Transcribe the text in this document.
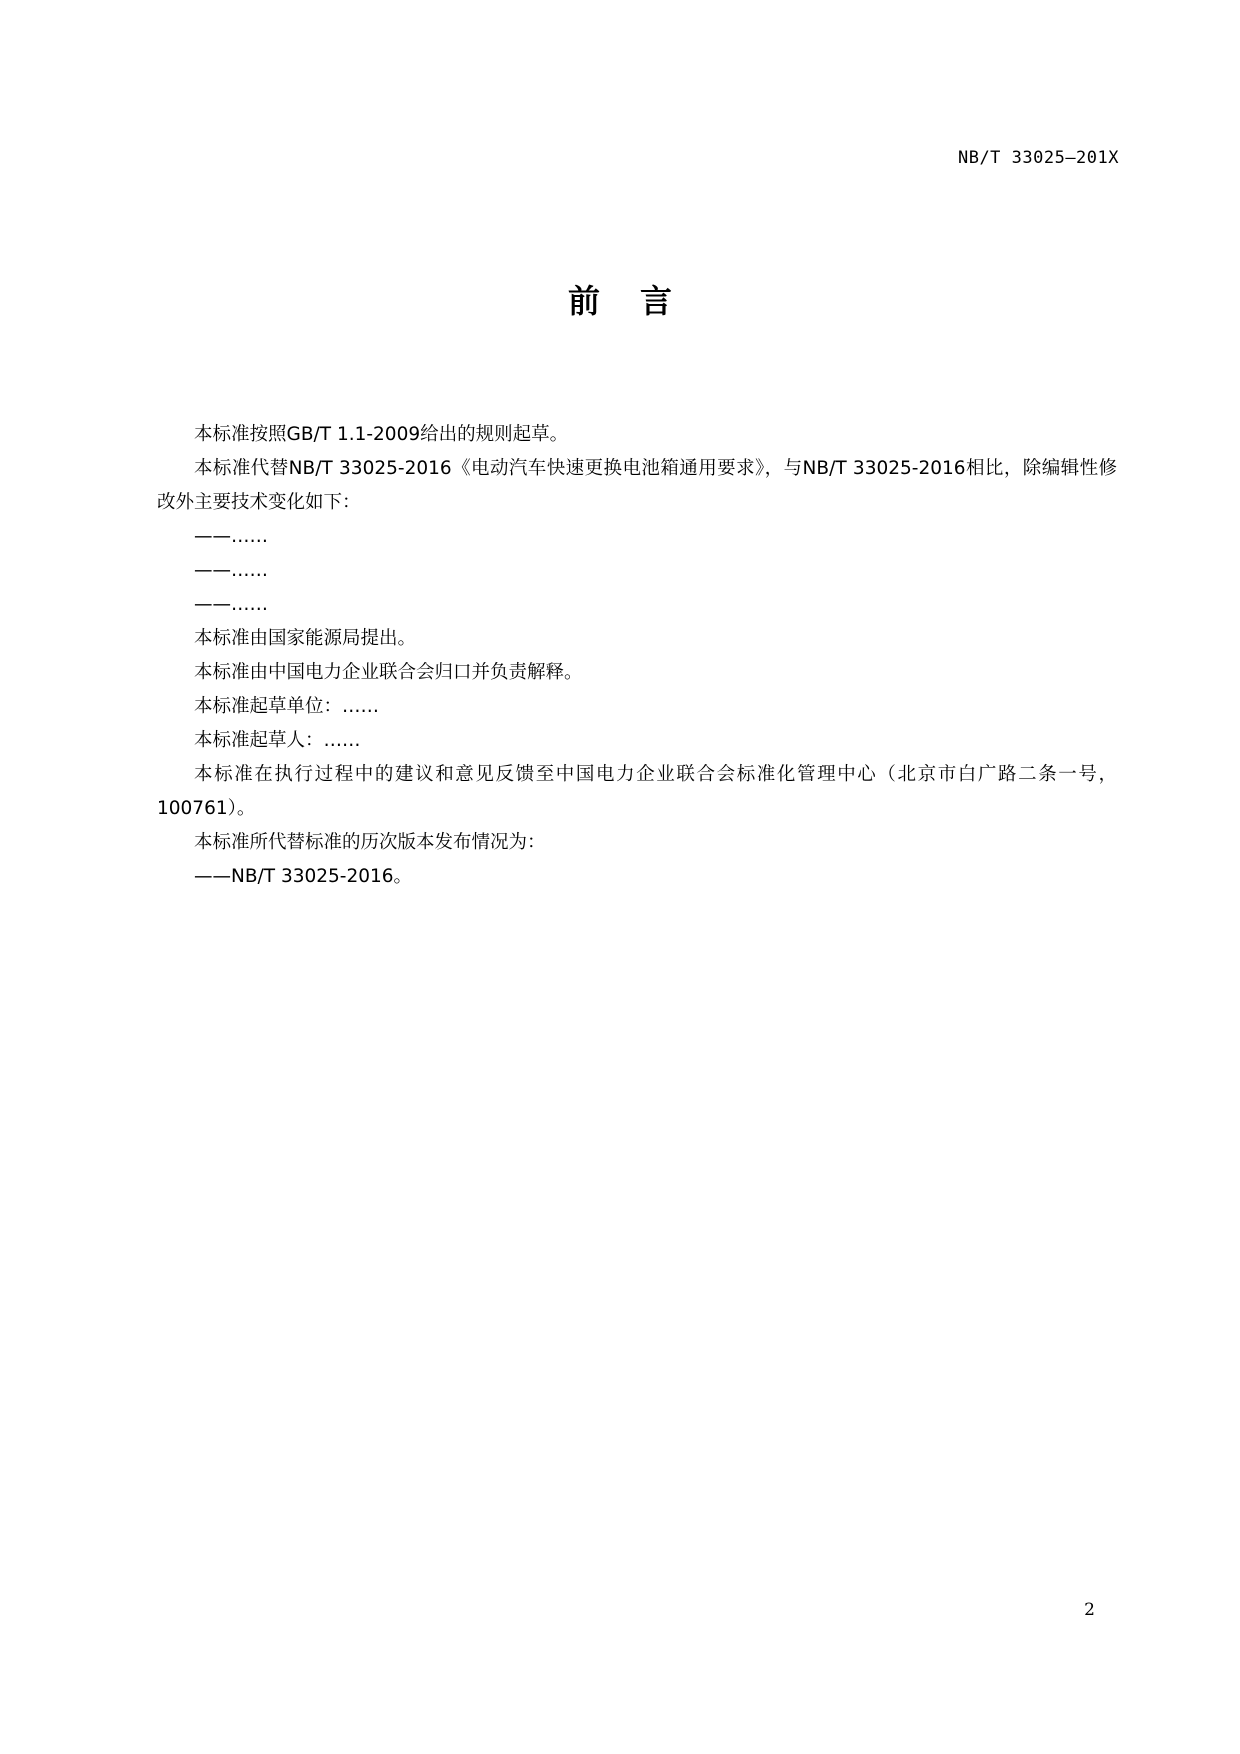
NB/T 33025—201X
前 言

本标准按照GB/T 1.1-2009给出的规则起草。

本标准代替NB/T 33025-2016《电动汽车快速更换电池箱通用要求》，与NB/T 33025-2016相比，除编辑性修改外主要技术变化如下：

——……

——……

——……

本标准由国家能源局提出。

本标准由中国电力企业联合会归口并负责解释。

本标准起草单位：……

本标准起草人：……

本标准在执行过程中的建议和意见反馈至中国电力企业联合会标准化管理中心（北京市白广路二条一号，100761）。

本标准所代替标准的历次版本发布情况为：

——NB/T 33025-2016。

2
